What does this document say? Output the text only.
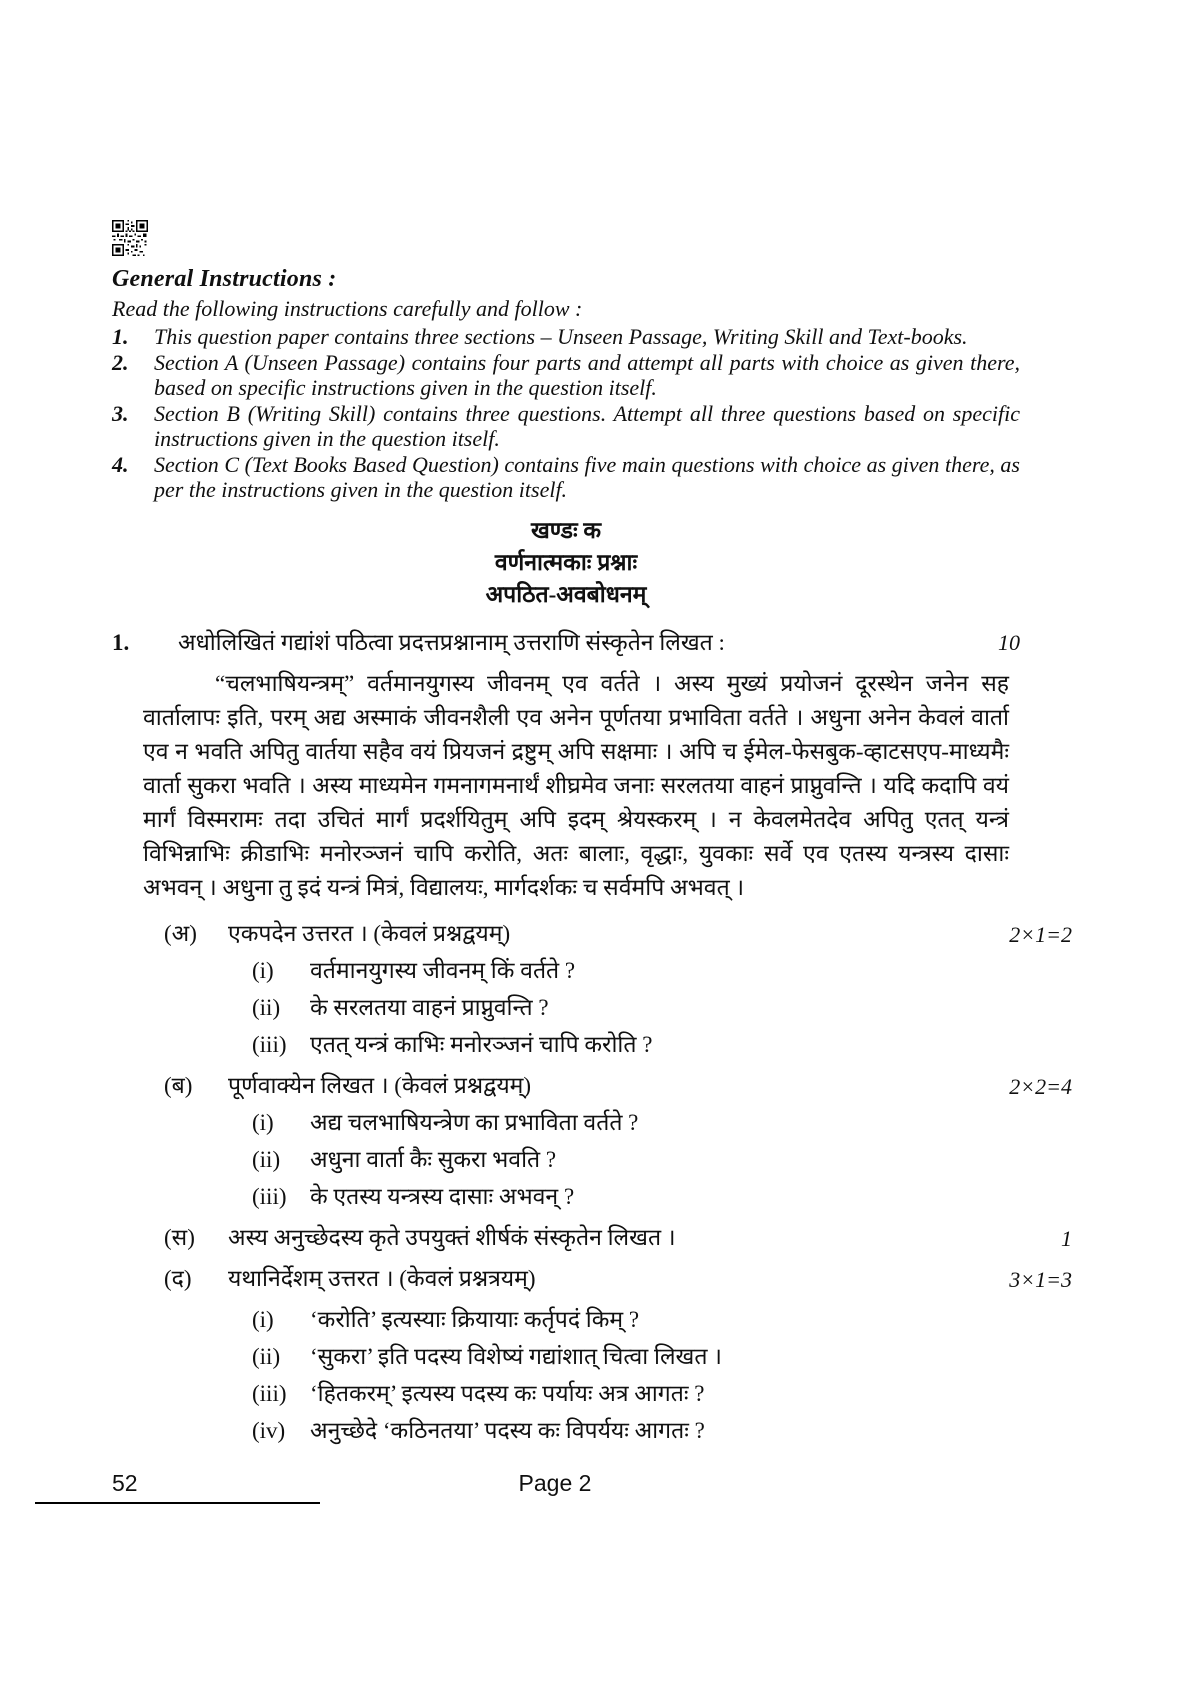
General Instructions :

Read the following instructions carefully and follow :

1. This question paper contains three sections – Unseen Passage, Writing Skill and Text-books.
2. Section A (Unseen Passage) contains four parts and attempt all parts with choice as given there, based on specific instructions given in the question itself.
3. Section B (Writing Skill) contains three questions. Attempt all three questions based on specific instructions given in the question itself.
4. Section C (Text Books Based Question) contains five main questions with choice as given there, as per the instructions given in the question itself.
खण्डः क
वर्णनात्मकाः प्रश्नाः
अपठित-अवबोधनम्
1.	अधोलिखितं गद्यांशं पठित्वा प्रदत्तप्रश्नानाम् उत्तराणि संस्कृतेन लिखत :	10

“चलभाषियन्त्रम्” वर्तमानयुगस्य जीवनम् एव वर्तते । अस्य मुख्यं प्रयोजनं दूरस्थेन जनेन सह वार्तालापः इति, परम् अद्य अस्माकं जीवनशैली एव अनेन पूर्णतया प्रभाविता वर्तते । अधुना अनेन केवलं वार्ता एव न भवति अपितु वार्तया सहैव वयं प्रियजनं द्रष्टुम् अपि सक्षमाः । अपि च ईमेल-फेसबुक-व्हाटसएप-माध्यमैः वार्ता सुकरा भवति । अस्य माध्यमेन गमनागमनार्थं शीघ्रमेव जनाः सरलतया वाहनं प्राप्नुवन्ति । यदि कदापि वयं मार्गं विस्मरामः तदा उचितं मार्गं प्रदर्शयितुम् अपि इदम् श्रेयस्करम् । न केवलमेतदेव अपितु एतत् यन्त्रं विभिन्नाभिः क्रीडाभिः मनोरञ्जनं चापि करोति, अतः बालाः, वृद्धाः, युवकाः सर्वे एव एतस्य यन्त्रस्य दासाः अभवन् । अधुना तु इदं यन्त्रं मित्रं, विद्यालयः, मार्गदर्शकः च सर्वमपि अभवत् ।

(अ)	एकपदेन उत्तरत । (केवलं प्रश्नद्वयम्)	2×1=2
(i)	वर्तमानयुगस्य जीवनम् किं वर्तते ?
(ii)	के सरलतया वाहनं प्राप्नुवन्ति ?
(iii)	एतत् यन्त्रं काभिः मनोरञ्जनं चापि करोति ?
(ब)	पूर्णवाक्येन लिखत । (केवलं प्रश्नद्वयम्)	2×2=4
(i)	अद्य चलभाषियन्त्रेण का प्रभाविता वर्तते ?
(ii)	अधुना वार्ता कैः सुकरा भवति ?
(iii)	के एतस्य यन्त्रस्य दासाः अभवन् ?
(स)	अस्य अनुच्छेदस्य कृते उपयुक्तं शीर्षकं संस्कृतेन लिखत ।	1
(द)	यथानिर्देशम् उत्तरत । (केवलं प्रश्नत्रयम्)	3×1=3
(i)	‘करोति’ इत्यस्याः क्रियायाः कर्तृपदं किम् ?
(ii)	‘सुकरा’ इति पदस्य विशेष्यं गद्यांशात् चित्वा लिखत ।
(iii)	‘हितकरम्’ इत्यस्य पदस्य कः पर्यायः अत्र आगतः ?
(iv)	अनुच्छेदे ‘कठिनतया’ पदस्य कः विपर्ययः आगतः ?
52	Page 2
